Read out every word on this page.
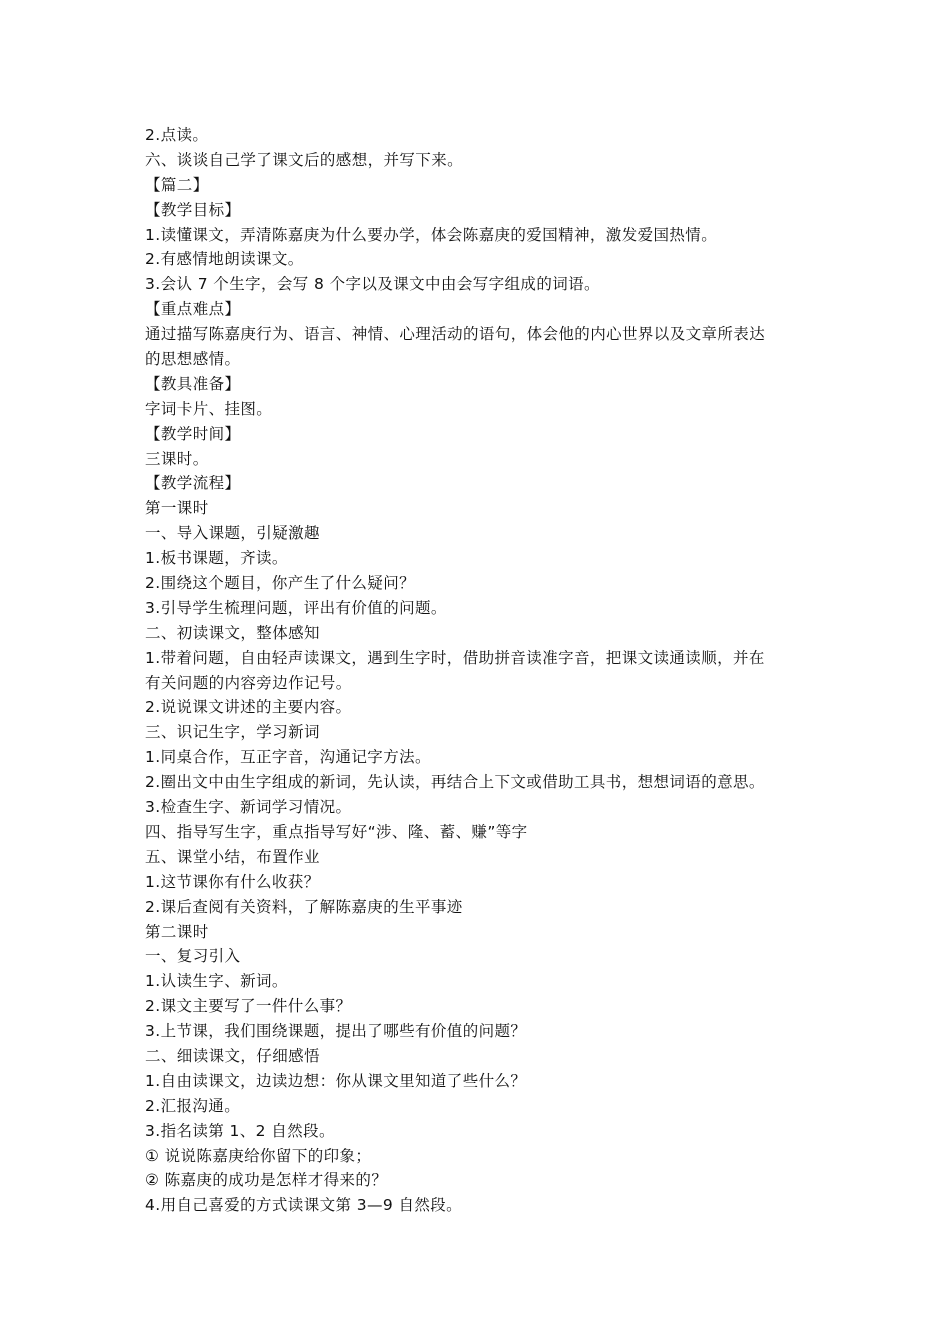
2.点读。
六、谈谈自己学了课文后的感想，并写下来。
【篇二】
【教学目标】
1.读懂课文，弄清陈嘉庚为什么要办学，体会陈嘉庚的爱国精神，激发爱国热情。
2.有感情地朗读课文。
3.会认 7 个生字，会写 8 个字以及课文中由会写字组成的词语。
【重点难点】
通过描写陈嘉庚行为、语言、神情、心理活动的语句，体会他的内心世界以及文章所表达
的思想感情。
【教具准备】
字词卡片、挂图。
【教学时间】
三课时。
【教学流程】
第一课时
一、导入课题，引疑激趣
1.板书课题，齐读。
2.围绕这个题目，你产生了什么疑问？
3.引导学生梳理问题，评出有价值的问题。
二、初读课文，整体感知
1.带着问题，自由轻声读课文，遇到生字时，借助拼音读准字音，把课文读通读顺，并在
有关问题的内容旁边作记号。
2.说说课文讲述的主要内容。
三、识记生字，学习新词
1.同桌合作，互正字音，沟通记字方法。
2.圈出文中由生字组成的新词，先认读，再结合上下文或借助工具书，想想词语的意思。
3.检查生字、新词学习情况。
四、指导写生字，重点指导写好“涉、隆、蓄、赚”等字
五、课堂小结，布置作业
1.这节课你有什么收获？
2.课后查阅有关资料，了解陈嘉庚的生平事迹
第二课时
一、复习引入
1.认读生字、新词。
2.课文主要写了一件什么事？
3.上节课，我们围绕课题，提出了哪些有价值的问题？
二、细读课文，仔细感悟
1.自由读课文，边读边想：你从课文里知道了些什么？
2.汇报沟通。
3.指名读第 1、2 自然段。
① 说说陈嘉庚给你留下的印象；
② 陈嘉庚的成功是怎样才得来的？
4.用自己喜爱的方式读课文第 3—9 自然段。
